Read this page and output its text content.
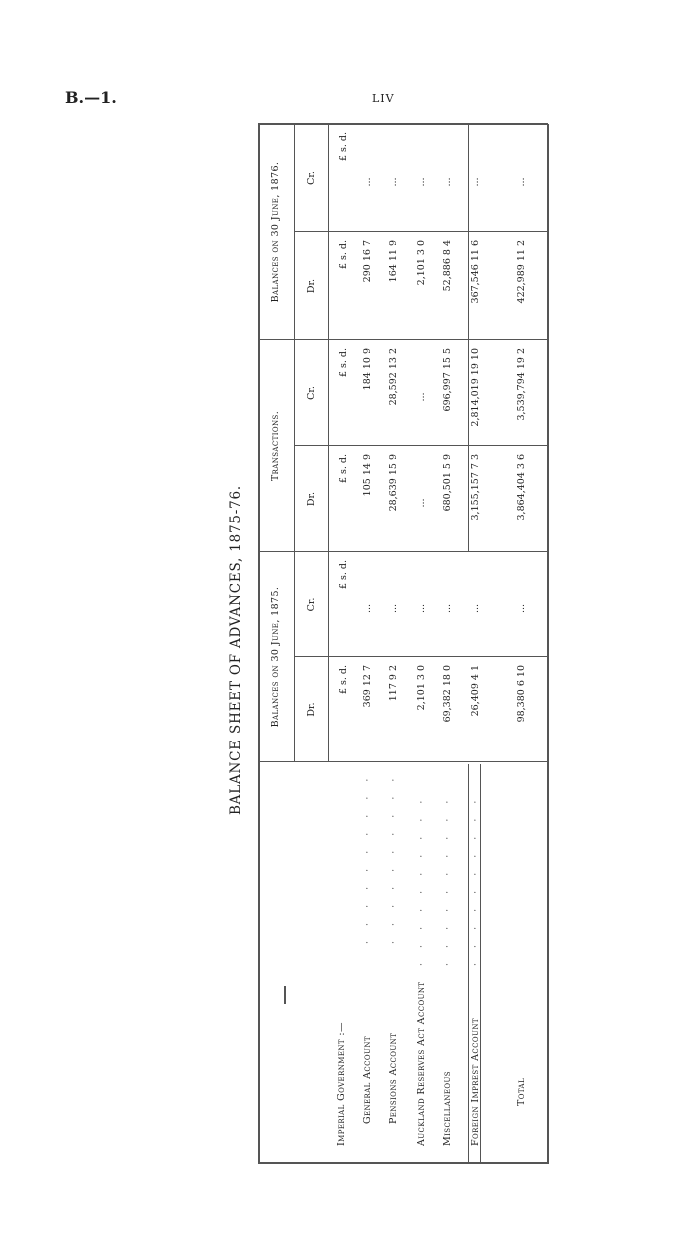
B.—1.	LIV
BALANCE SHEET OF ADVANCES, 1875-76.	Balances on 30 June, 1875.
Transactions.
Balances on 30 June, 1876.
Dr.
£ s. d.
Cr.
£ s. d.
Dr.
£ s. d.
Cr.
£ s. d.
Dr.
£ s. d.
Cr.
£ s. d.
Imperial Government :— General Account
· · · · · · · · · ·
369 12 7
...
105 14 9
184 10 9
290 16 7
...
Pensions Account
· · · · · · · · · ·
117 9 2
...
28,639 15 9
28,592 13 2
164 11 9
...
Auckland Reserves Act Account
· · · · · · · · · ·
2,101 3 0
...
...
...
2,101 3 0
...
Miscellaneous
· · · · · · · · · ·
69,382 18 0
...
680,501 5 9
696,997 15 5
52,886 8 4
...
Foreign Imprest Account
· · · · · · · · · ·
26,409 4 1
...
3,155,157 7 3
2,814,019 19 10
367,546 11 6
...
Total
98,380 6 10
...
3,864,404 3 6
3,539,794 19 2
422,989 11 2
...
